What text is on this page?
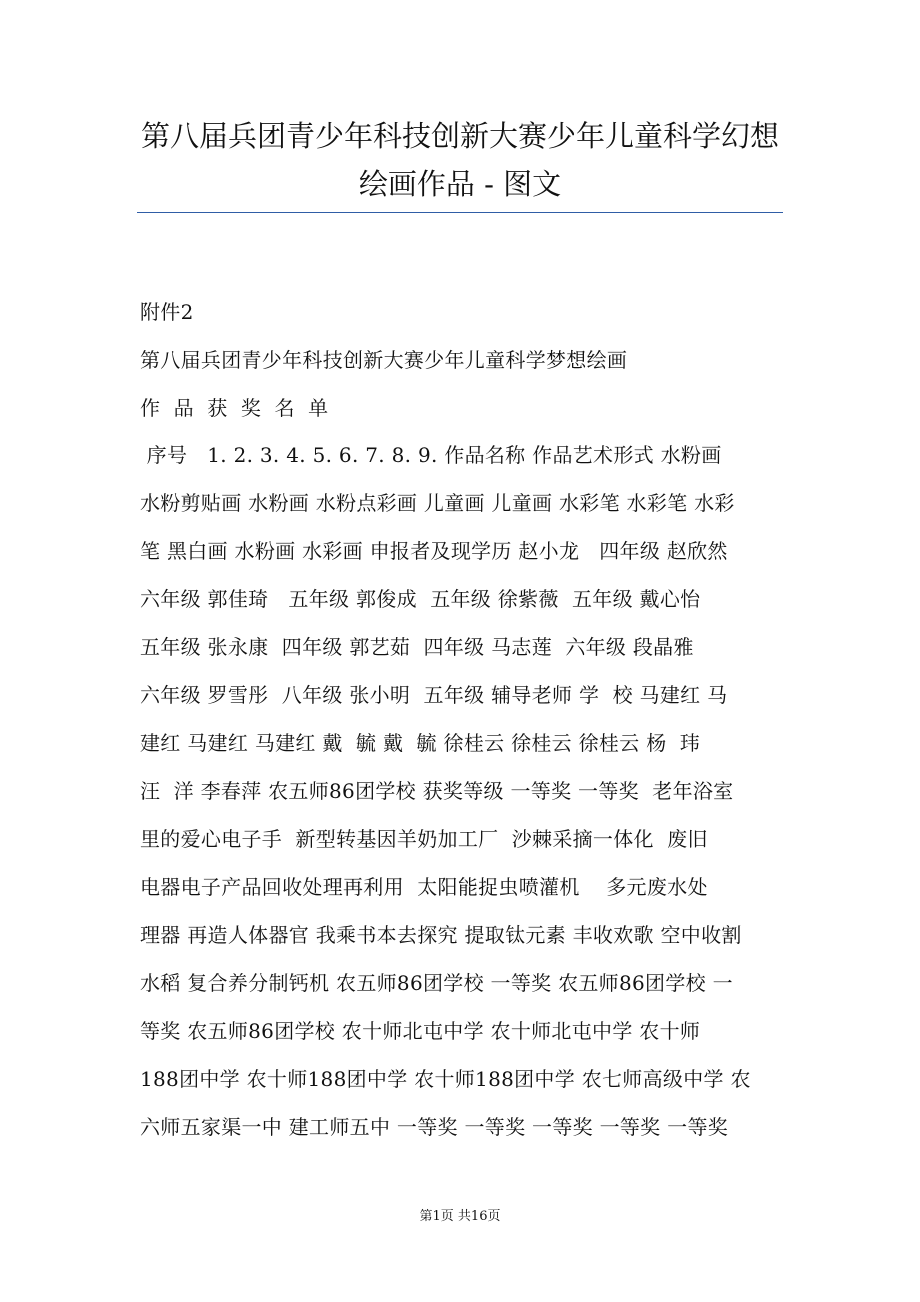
第八届兵团青少年科技创新大赛少年儿童科学幻想
绘画作品 - 图文
附件2
第八届兵团青少年科技创新大赛少年儿童科学梦想绘画
作  品  获  奖  名  单
序号   1. 2. 3. 4. 5. 6. 7. 8. 9. 作品名称 作品艺术形式 水粉画
水粉剪贴画 水粉画 水粉点彩画 儿童画 儿童画 水彩笔 水彩笔 水彩
笔 黑白画 水粉画 水彩画 申报者及现学历 赵小龙   四年级 赵欣然
六年级 郭佳琦   五年级 郭俊成  五年级 徐紫薇  五年级 戴心怡
五年级 张永康  四年级 郭艺茹  四年级 马志莲  六年级 段晶雅
六年级 罗雪彤  八年级 张小明  五年级 辅导老师 学  校 马建红 马
建红 马建红 马建红 戴  毓 戴  毓 徐桂云 徐桂云 徐桂云 杨  玮
汪  洋 李春萍 农五师86团学校 获奖等级 一等奖 一等奖  老年浴室
里的爱心电子手  新型转基因羊奶加工厂  沙棘采摘一体化  废旧
电器电子产品回收处理再利用  太阳能捉虫喷灌机    多元废水处
理器 再造人体器官 我乘书本去探究 提取钛元素 丰收欢歌 空中收割
水稻 复合养分制钙机 农五师86团学校 一等奖 农五师86团学校 一
等奖 农五师86团学校 农十师北屯中学 农十师北屯中学 农十师
188团中学 农十师188团中学 农十师188团中学 农七师高级中学 农
六师五家渠一中 建工师五中 一等奖 一等奖 一等奖 一等奖 一等奖
第1页 共16页
